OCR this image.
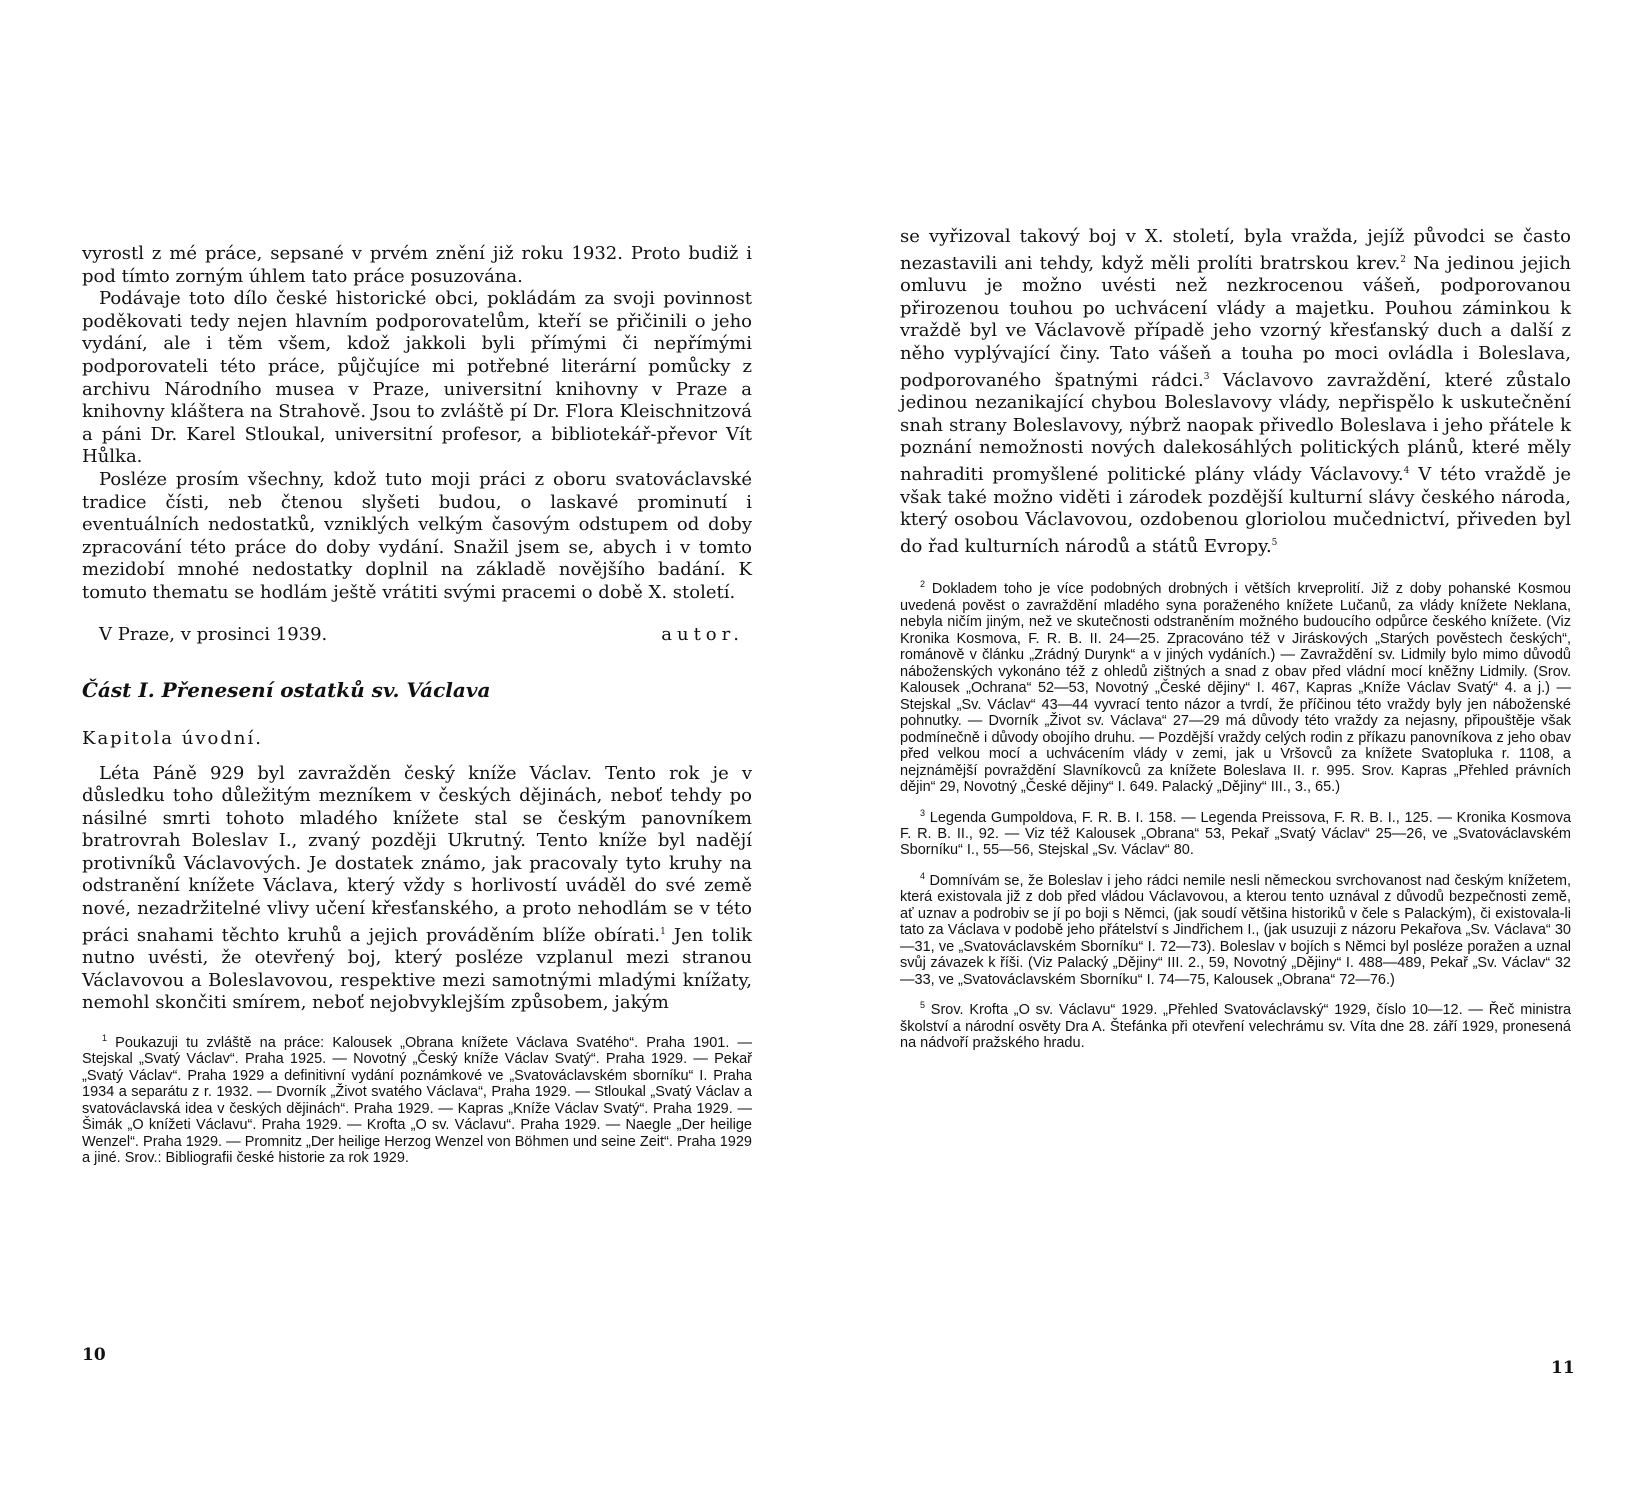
vyrostl z mé práce, sepsané v prvém znění již roku 1932. Proto budiž i pod tímto zorným úhlem tato práce posuzována.

Podávaje toto dílo české historické obci, pokládám za svoji povinnost poděkovati tedy nejen hlavním podporovatelům, kteří se přičinili o jeho vydání, ale i těm všem, kdož jakkoli byli přímými či nepřímými podporovateli této práce, půjčujíce mi potřebné literární pomůcky z archivu Národního musea v Praze, universitní knihovny v Praze a knihovny kláštera na Strahově. Jsou to zvláště pí Dr. Flora Kleischnitzová a páni Dr. Karel Stloukal, universitní profesor, a bibliotekář-převor Vít Hůlka.

Posléze prosím všechny, kdož tuto moji práci z oboru svatováclavské tradice čísti, neb čtenou slyšeti budou, o laskavé prominutí i eventuálních nedostatků, vzniklých velkým časovým odstupem od doby zpracování této práce do doby vydání. Snažil jsem se, abych i v tomto mezidobí mnohé nedostatky doplnil na základě novějšího badání. K tomuto thematu se hodlám ještě vrátiti svými pracemi o době X. století.

V Praze, v prosinci 1939.	autor.
Část I. Přenesení ostatků sv. Václava
Kapitola úvodní.

Léta Páně 929 byl zavražděn český kníže Václav. Tento rok je v důsledku toho důležitým mezníkem v českých dějinách, neboť tehdy po násilné smrti tohoto mladého knížete stal se českým panovníkem bratrovrah Boleslav I., zvaný později Ukrutný. Tento kníže byl nadějí protivníků Václavových. Je dostatek známo, jak pracovaly tyto kruhy na odstranění knížete Václava, který vždy s horlivostí uváděl do své země nové, nezadržitelné vlivy učení křesťanského, a proto nehodlám se v této práci snahami těchto kruhů a jejich prováděním blíže obírati.$^1$ Jen tolik nutno uvésti, že otevřený boj, který posléze vzplanul mezi stranou Václavovou a Boleslavovou, respektive mezi samotnými mladými knížaty, nemohl skončiti smírem, neboť nejobvyklejším způsobem, jakým

$^1$ Poukazuji tu zvláště na práce: Kalousek „Obrana knížete Václava Svatého“. Praha 1901. — Stejskal „Svatý Václav“. Praha 1925. — Novotný „Český kníže Václav Svatý“. Praha 1929. — Pekař „Svatý Václav“. Praha 1929 a definitivní vydání poznámkové ve „Svatováclavském sborníku“ I. Praha 1934 a separátu z r. 1932. — Dvorník „Život svatého Václava“, Praha 1929. — Stloukal „Svatý Václav a svatováclavská idea v českých dějinách“. Praha 1929. — Kapras „Kníže Václav Svatý“. Praha 1929. — Šimák „O knížeti Václavu“. Praha 1929. — Krofta „O sv. Václavu“. Praha 1929. — Naegle „Der heilige Wenzel“. Praha 1929. — Promnitz „Der heilige Herzog Wenzel von Böhmen und seine Zeit“. Praha 1929 a jiné. Srov.: Bibliografii české historie za rok 1929.

10

se vyřizoval takový boj v X. století, byla vražda, jejíž původci se často nezastavili ani tehdy, když měli prolíti bratrskou krev.$^2$ Na jedinou jejich omluvu je možno uvésti než nezkrocenou vášeň, podporovanou přirozenou touhou po uchvácení vlády a majetku. Pouhou záminkou k vraždě byl ve Václavově případě jeho vzorný křesťanský duch a další z něho vyplývající činy. Tato vášeň a touha po moci ovládla i Boleslava, podporovaného špatnými rádci.$^3$ Václavovo zavraždění, které zůstalo jedinou nezanikající chybou Boleslavovy vlády, nepřispělo k uskutečnění snah strany Boleslavovy, nýbrž naopak přivedlo Boleslava i jeho přátele k poznání nemožnosti nových dalekosáhlých politických plánů, které měly nahraditi promyšlené politické plány vlády Václavovy.$^4$ V této vraždě je však také možno viděti i zárodek pozdější kulturní slávy českého národa, který osobou Václavovou, ozdobenou gloriolou mučednictví, přiveden byl do řad kulturních národů a států Evropy.$^5$

$^2$ Dokladem toho je více podobných drobných i větších krveprolití. Již z doby pohanské Kosmou uvedená pověst o zavraždění mladého syna poraženého knížete Lučanů, za vlády knížete Neklana, nebyla ničím jiným, než ve skutečnosti odstraněním možného budoucího odpůrce českého knížete. (Viz Kronika Kosmova, F. R. B. II. 24—25. Zpracováno též v Jiráskových „Starých pověstech českých“, románově v článku „Zrádný Durynk“ a v jiných vydáních.) — Zavraždění sv. Lidmily bylo mimo důvodů náboženských vykonáno též z ohledů zištných a snad z obav před vládní mocí kněžny Lidmily. (Srov. Kalousek „Ochrana“ 52—53, Novotný „České dějiny“ I. 467, Kapras „Kníže Václav Svatý“ 4. a j.) — Stejskal „Sv. Václav“ 43—44 vyvrací tento názor a tvrdí, že příčinou této vraždy byly jen náboženské pohnutky. — Dvorník „Život sv. Václava“ 27—29 má důvody této vraždy za nejasny, připouštěje však podmínečně i důvody obojího druhu. — Pozdější vraždy celých rodin z příkazu panovníkova z jeho obav před velkou mocí a uchvácením vlády v zemi, jak u Vršovců za knížete Svatopluka r. 1108, a nejznámější povraždění Slavníkovců za knížete Boleslava II. r. 995. Srov. Kapras „Přehled právních dějin“ 29, Novotný „České dějiny“ I. 649. Palacký „Dějiny“ III., 3., 65.)

$^3$ Legenda Gumpoldova, F. R. B. I. 158. — Legenda Preissova, F. R. B. I., 125. — Kronika Kosmova F. R. B. II., 92. — Viz též Kalousek „Obrana“ 53, Pekař „Svatý Václav“ 25—26, ve „Svatováclavském Sborníku“ I., 55—56, Stejskal „Sv. Václav“ 80.

$^4$ Domnívám se, že Boleslav i jeho rádci nemile nesli německou svrchovanost nad českým knížetem, která existovala již z dob před vládou Václavovou, a kterou tento uznával z důvodů bezpečnosti země, ať uznav a podrobiv se jí po boji s Němci, (jak soudí většina historiků v čele s Palackým), či existovala-li tato za Václava v podobě jeho přátelství s Jindřichem I., (jak usuzuji z názoru Pekařova „Sv. Václava“ 30—31, ve „Svatováclavském Sborníku“ I. 72—73). Boleslav v bojích s Němci byl posléze poražen a uznal svůj závazek k říši. (Viz Palacký „Dějiny“ III. 2., 59, Novotný „Dějiny“ I. 488—489, Pekař „Sv. Václav“ 32—33, ve „Svatováclavském Sborníku“ I. 74—75, Kalousek „Obrana“ 72—76.)

$^5$ Srov. Krofta „O sv. Václavu“ 1929. „Přehled Svatováclavský“ 1929, číslo 10—12. — Řeč ministra školství a národní osvěty Dra A. Štefánka při otevření velechrámu sv. Víta dne 28. září 1929, pronesená na nádvoří pražského hradu.

11
